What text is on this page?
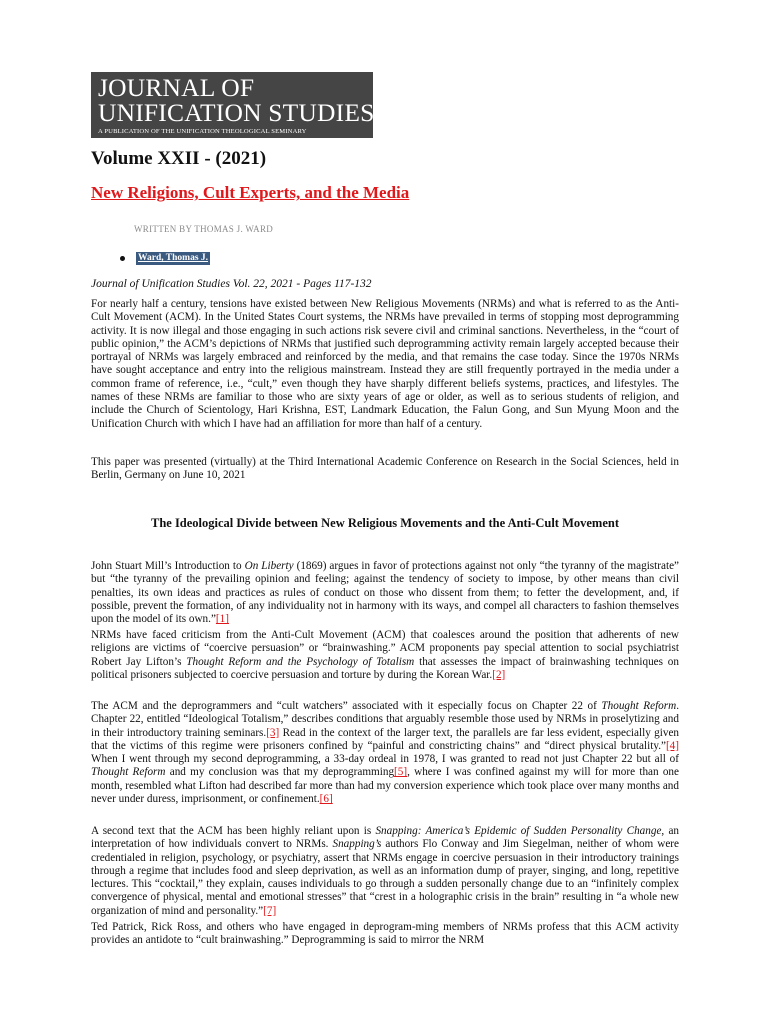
JOURNAL OF
UNIFICATION STUDIES
A PUBLICATION OF THE UNIFICATION THEOLOGICAL SEMINARY
Volume XXII - (2021)
New Religions, Cult Experts, and the Media
WRITTEN BY THOMAS J. WARD
Ward, Thomas J.
Journal of Unification Studies Vol. 22, 2021 - Pages 117-132

For nearly half a century, tensions have existed between New Religious Movements (NRMs) and what is referred to as the Anti-Cult Movement (ACM). In the United States Court systems, the NRMs have prevailed in terms of stopping most deprogramming activity. It is now illegal and those engaging in such actions risk severe civil and criminal sanctions. Nevertheless, in the “court of public opinion,” the ACM’s depictions of NRMs that justified such deprogramming activity remain largely accepted because their portrayal of NRMs was largely embraced and reinforced by the media, and that remains the case today. Since the 1970s NRMs have sought acceptance and entry into the religious mainstream. Instead they are still frequently portrayed in the media under a common frame of reference, i.e., “cult,” even though they have sharply different beliefs systems, practices, and lifestyles. The names of these NRMs are familiar to those who are sixty years of age or older, as well as to serious students of religion, and include the Church of Scientology, Hari Krishna, EST, Landmark Education, the Falun Gong, and Sun Myung Moon and the Unification Church with which I have had an affiliation for more than half of a century.

This paper was presented (virtually) at the Third International Academic Conference on Research in the Social Sciences, held in Berlin, Germany on June 10, 2021

The Ideological Divide between New Religious Movements and the Anti-Cult Movement

John Stuart Mill’s Introduction to On Liberty (1869) argues in favor of protections against not only “the tyranny of the magistrate” but “the tyranny of the prevailing opinion and feeling; against the tendency of society to impose, by other means than civil penalties, its own ideas and practices as rules of conduct on those who dissent from them; to fetter the development, and, if possible, prevent the formation, of any individuality not in harmony with its ways, and compel all characters to fashion themselves upon the model of its own.”[1]

NRMs have faced criticism from the Anti-Cult Movement (ACM) that coalesces around the position that adherents of new religions are victims of “coercive persuasion” or “brainwashing.” ACM proponents pay special attention to social psychiatrist Robert Jay Lifton’s Thought Reform and the Psychology of Totalism that assesses the impact of brainwashing techniques on political prisoners subjected to coercive persuasion and torture by during the Korean War.[2]

The ACM and the deprogrammers and “cult watchers” associated with it especially focus on Chapter 22 of Thought Reform. Chapter 22, entitled “Ideological Totalism,” describes conditions that arguably resemble those used by NRMs in proselytizing and in their introductory training seminars.[3] Read in the context of the larger text, the parallels are far less evident, especially given that the victims of this regime were prisoners confined by “painful and constricting chains” and “direct physical brutality.”[4] When I went through my second deprogramming, a 33-day ordeal in 1978, I was granted to read not just Chapter 22 but all of Thought Reform and my conclusion was that my deprogramming[5], where I was confined against my will for more than one month, resembled what Lifton had described far more than had my conversion experience which took place over many months and never under duress, imprisonment, or confinement.[6]

A second text that the ACM has been highly reliant upon is Snapping: America’s Epidemic of Sudden Personality Change, an interpretation of how individuals convert to NRMs. Snapping’s authors Flo Conway and Jim Siegelman, neither of whom were credentialed in religion, psychology, or psychiatry, assert that NRMs engage in coercive persuasion in their introductory trainings through a regime that includes food and sleep deprivation, as well as an information dump of prayer, singing, and long, repetitive lectures. This “cocktail,” they explain, causes individuals to go through a sudden personally change due to an “infinitely complex convergence of physical, mental and emotional stresses” that “crest in a holographic crisis in the brain” resulting in “a whole new organization of mind and personality.”[7]

Ted Patrick, Rick Ross, and others who have engaged in deprogram-ming members of NRMs profess that this ACM activity provides an antidote to “cult brainwashing.” Deprogramming is said to mirror the NRM
